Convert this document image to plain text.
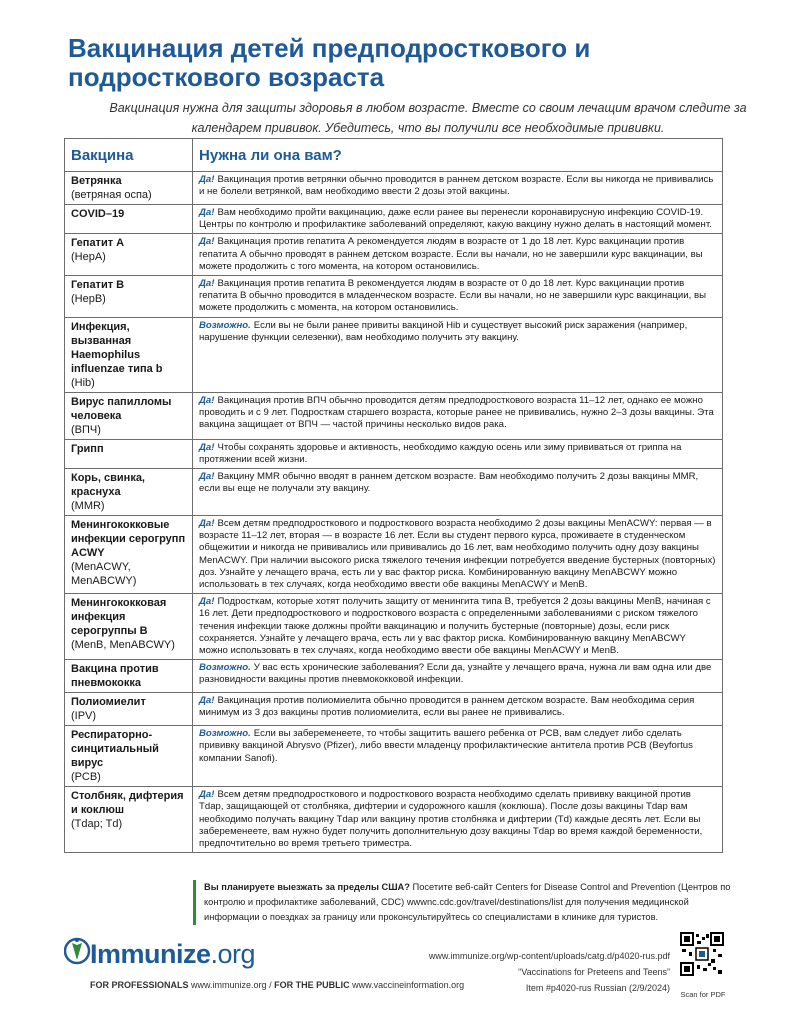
Вакцинация детей предподросткового и подросткового возраста
Вакцинация нужна для защиты здоровья в любом возрасте. Вместе со своим лечащим врачом следите за календарем прививок. Убедитесь, что вы получили все необходимые прививки.
Вакцина	Нужна ли она вам?

Ветрянка
(ветряная оспа)	Да! Вакцинация против ветрянки обычно проводится в раннем детском возрасте. Если вы никогда не прививались и не болели ветрянкой, вам необходимо ввести 2 дозы этой вакцины.

COVID–19	Да! Вам необходимо пройти вакцинацию, даже если ранее вы перенесли коронавирусную инфекцию COVID-19. Центры по контролю и профилактике заболеваний определяют, какую вакцину нужно делать в настоящий момент.

Гепатит A
(HepA)	Да! Вакцинация против гепатита А рекомендуется людям в возрасте от 1 до 18 лет. Курс вакцинации против гепатита А обычно проводят в раннем детском возрасте. Если вы начали, но не завершили курс вакцинации, вы можете продолжить с того момента, на котором остановились.

Гепатит B
(HepB)	Да! Вакцинация против гепатита В рекомендуется людям в возрасте от 0 до 18 лет. Курс вакцинации против гепатита В обычно проводится в младенческом возрасте. Если вы начали, но не завершили курс вакцинации, вы можете продолжить с момента, на котором остановились.

Инфекция, вызванная Haemophilus influenzae типа b
(Hib)	Возможно. Если вы не были ранее привиты вакциной Hib и существует высокий риск заражения (например, нарушение функции селезенки), вам необходимо получить эту вакцину.

Вирус папилломы человека
(ВПЧ)	Да! Вакцинация против ВПЧ обычно проводится детям предподросткового возраста 11–12 лет, однако ее можно проводить и с 9 лет. Подросткам старшего возраста, которые ранее не прививались, нужно 2–3 дозы вакцины. Эта вакцина защищает от ВПЧ — частой причины несколько видов рака.

Грипп	Да! Чтобы сохранять здоровье и активность, необходимо каждую осень или зиму прививаться от гриппа на протяжении всей жизни.

Корь, свинка, краснуха
(MMR)	Да! Вакцину MMR обычно вводят в раннем детском возрасте. Вам необходимо получить 2 дозы вакцины MMR, если вы еще не получали эту вакцину.

Менингококковые инфекции серогрупп ACWY
(MenACWY, MenABCWY)	Да! Всем детям предподросткового и подросткового возраста необходимо 2 дозы вакцины MenACWY: первая — в возрасте 11–12 лет, вторая — в возрасте 16 лет. Если вы студент первого курса, проживаете в студенческом общежитии и никогда не прививались или прививались до 16 лет, вам необходимо получить одну дозу вакцины MenACWY. При наличии высокого риска тяжелого течения инфекции потребуется введение бустерных (повторных) доз. Узнайте у лечащего врача, есть ли у вас фактор риска. Комбинированную вакцину MenABCWY можно использовать в тех случаях, когда необходимо ввести обе вакцины MenACWY и MenB.

Менингококковая инфекция серогруппы B
(MenB, MenABCWY)	Да! Подросткам, которые хотят получить защиту от менингита типа В, требуется 2 дозы вакцины MenB, начиная с 16 лет. Дети предподросткового и подросткового возраста с определенными заболеваниями с риском тяжелого течения инфекции также должны пройти вакцинацию и получить бустерные (повторные) дозы, если риск сохраняется. Узнайте у лечащего врача, есть ли у вас фактор риска. Комбинированную вакцину MenABCWY можно использовать в тех случаях, когда необходимо ввести обе вакцины MenACWY и MenB.

Вакцина против пневмококка	Возможно. У вас есть хронические заболевания? Если да, узнайте у лечащего врача, нужна ли вам одна или две разновидности вакцины против пневмококковой инфекции.

Полиомиелит
(IPV)	Да! Вакцинация против полиомиелита обычно проводится в раннем детском возрасте. Вам необходима серия минимум из 3 доз вакцины против полиомиелита, если вы ранее не прививались.

Респираторно-синцитиальный вирус
(РСВ)	Возможно. Если вы забеременеете, то чтобы защитить вашего ребенка от РСВ, вам следует либо сделать прививку вакциной Abrysvo (Pfizer), либо ввести младенцу профилактические антитела против РСВ (Beyfortus компании Sanofi).

Столбняк, дифтерия и коклюш
(Tdap; Td)	Да! Всем детям предподросткового и подросткового возраста необходимо сделать прививку вакциной против Tdap, защищающей от столбняка, дифтерии и судорожного кашля (коклюша). После дозы вакцины Tdap вам необходимо получать вакцину Tdap или вакцину против столбняка и дифтерии (Td) каждые десять лет. Если вы забеременеете, вам нужно будет получить дополнительную дозу вакцины Tdap во время каждой беременности, предпочтительно во время третьего триместра.
Вы планируете выезжать за пределы США? Посетите веб-сайт Centers for Disease Control and Prevention (Центров по контролю и профилактике заболеваний, CDC) wwwnc.cdc.gov/travel/destinations/list для получения медицинской информации о поездках за границу или проконсультируйтесь со специалистами в клинике для туристов.
Immunize.org
FOR PROFESSIONALS www.immunize.org / FOR THE PUBLIC www.vaccineinformation.org
www.immunize.org/wp-content/uploads/catg.d/p4020-rus.pdf
“Vaccinations for Preteens and Teens”
Item #p4020-rus Russian (2/9/2024)
Scan for PDF
